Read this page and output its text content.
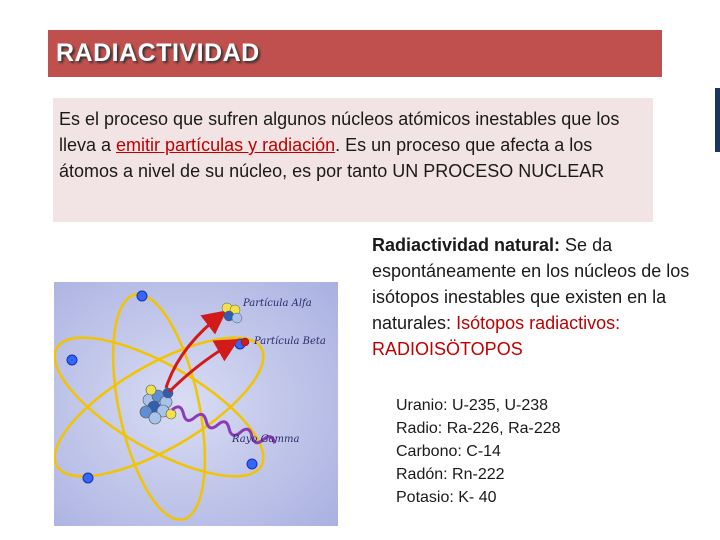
RADIACTIVIDAD
Es el proceso que sufren algunos núcleos atómicos inestables que los lleva a emitir partículas y radiación. Es un proceso que afecta a los átomos a nivel de su núcleo, es por tanto UN PROCESO NUCLEAR
Radiactividad natural: Se da espontáneamente en los núcleos de los isótopos inestables que existen en la naturales: Isótopos radiactivos: RADIOISÖTOPOS
Uranio: U-235, U-238
Radio: Ra-226, Ra-228
Carbono: C-14
Radón: Rn-222
Potasio: K- 40
Partícula Alfa
Partícula Beta
Rayo Gamma
